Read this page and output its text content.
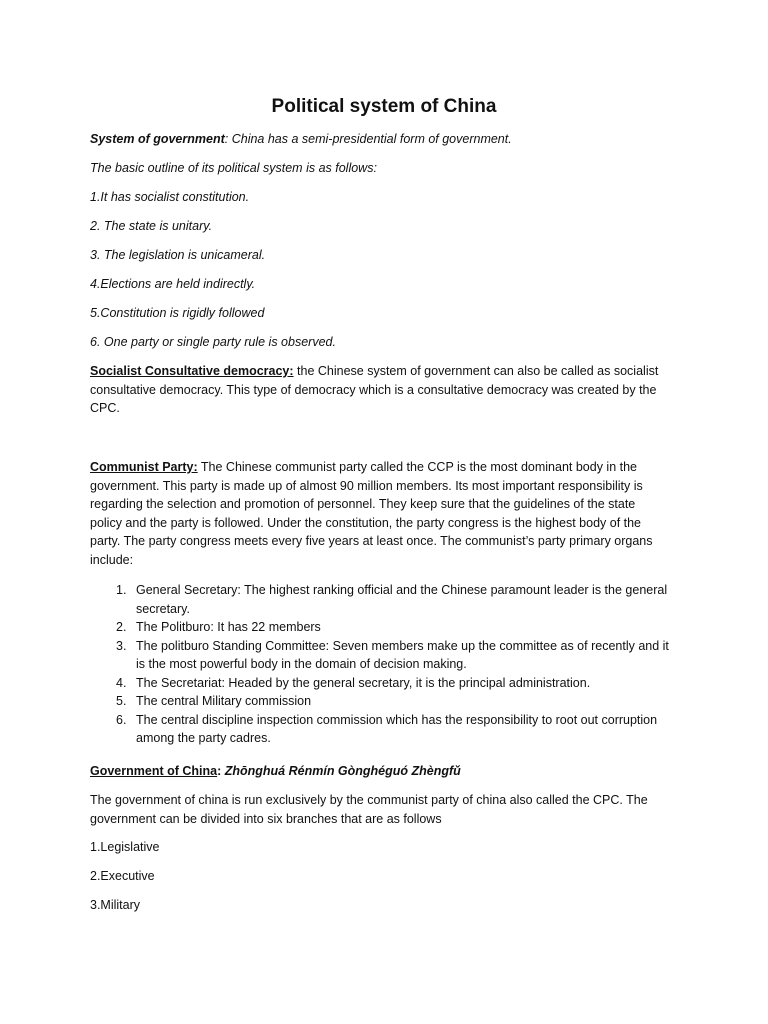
Political system of China
System of government: China has a semi-presidential form of government.
The basic outline of its political system is as follows:
1.It has socialist constitution.
2. The state is unitary.
3. The legislation is unicameral.
4.Elections are held indirectly.
5.Constitution is rigidly followed
6. One party or single party rule is observed.
Socialist Consultative democracy: the Chinese system of government can also be called as socialist
consultative democracy. This type of democracy which is a consultative democracy was created by the
CPC.
Communist Party: The Chinese communist party called the CCP is the most dominant body in the
government. This party is made up of almost 90 million members. Its most important responsibility is
regarding the selection and promotion of personnel. They keep sure that the guidelines of the state
policy and the party is followed. Under the constitution, the party congress is the highest body of the
party. The party congress meets every five years at least once. The communist’s party primary organs
include:
1. General Secretary: The highest ranking official and the Chinese paramount leader is the general
secretary.
2. The Politburo: It has 22 members
3. The politburo Standing Committee: Seven members make up the committee as of recently and it
is the most powerful body in the domain of decision making.
4. The Secretariat: Headed by the general secretary, it is the principal administration.
5. The central Military commission
6. The central discipline inspection commission which has the responsibility to root out corruption
among the party cadres.
Government of China: Zhōnghuá Rénmín Gònghéguó Zhèngfǔ
The government of china is run exclusively by the communist party of china also called the CPC. The
government can be divided into six branches that are as follows
1.Legislative
2.Executive
3.Military
